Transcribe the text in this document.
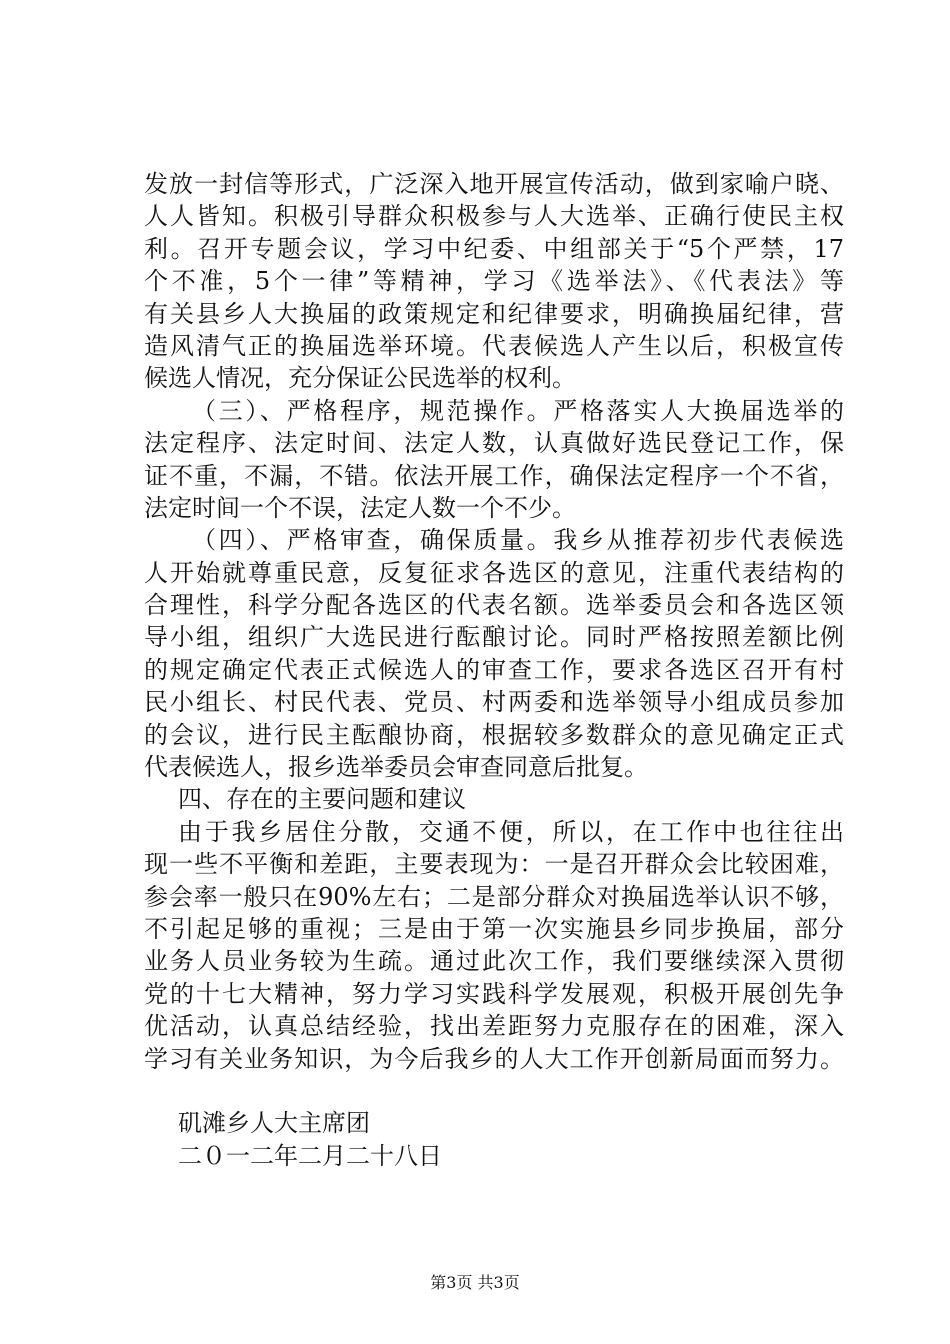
发放一封信等形式，广泛深入地开展宣传活动，做到家喻户晓、
人人皆知。积极引导群众积极参与人大选举、正确行使民主权
利。召开专题会议，学习中纪委、中组部关于“5个严禁，17
个不准，5个一律”等精神，学习《选举法》、《代表法》等
有关县乡人大换届的政策规定和纪律要求，明确换届纪律，营
造风清气正的换届选举环境。代表候选人产生以后，积极宣传
候选人情况，充分保证公民选举的权利。
（三）、严格程序，规范操作。严格落实人大换届选举的
法定程序、法定时间、法定人数，认真做好选民登记工作，保
证不重，不漏，不错。依法开展工作，确保法定程序一个不省，
法定时间一个不误，法定人数一个不少。
（四）、严格审查，确保质量。我乡从推荐初步代表候选
人开始就尊重民意，反复征求各选区的意见，注重代表结构的
合理性，科学分配各选区的代表名额。选举委员会和各选区领
导小组，组织广大选民进行酝酿讨论。同时严格按照差额比例
的规定确定代表正式候选人的审查工作，要求各选区召开有村
民小组长、村民代表、党员、村两委和选举领导小组成员参加
的会议，进行民主酝酿协商，根据较多数群众的意见确定正式
代表候选人，报乡选举委员会审查同意后批复。
四、存在的主要问题和建议
由于我乡居住分散，交通不便，所以，在工作中也往往出
现一些不平衡和差距，主要表现为：一是召开群众会比较困难，
参会率一般只在90%左右；二是部分群众对换届选举认识不够，
不引起足够的重视；三是由于第一次实施县乡同步换届，部分
业务人员业务较为生疏。通过此次工作，我们要继续深入贯彻
党的十七大精神，努力学习实践科学发展观，积极开展创先争
优活动，认真总结经验，找出差距努力克服存在的困难，深入
学习有关业务知识，为今后我乡的人大工作开创新局面而努力。
矶滩乡人大主席团
二０一二年二月二十八日
第3页 共3页
